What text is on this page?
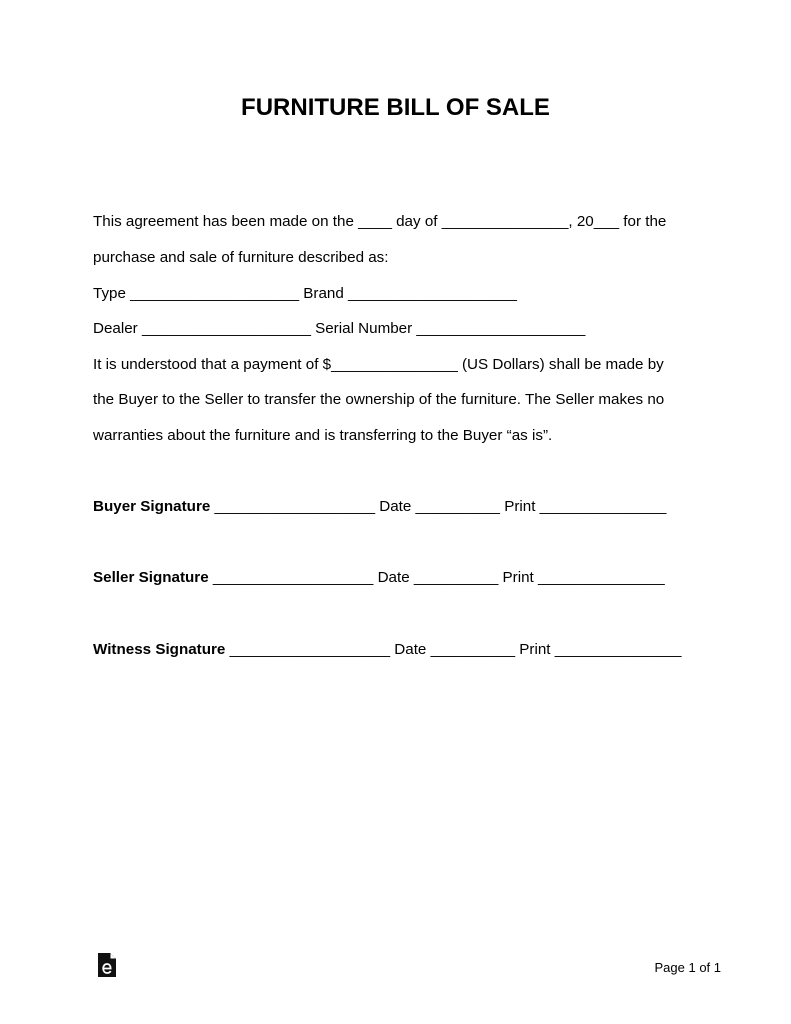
FURNITURE BILL OF SALE

This agreement has been made on the ____ day of _______________, 20___ for the

purchase and sale of furniture described as:

Type ____________________ Brand ____________________

Dealer ____________________ Serial Number ____________________

It is understood that a payment of $_______________ (US Dollars) shall be made by

the Buyer to the Seller to transfer the ownership of the furniture. The Seller makes no

warranties about the furniture and is transferring to the Buyer “as is”.

Buyer Signature ___________________ Date __________ Print _______________

Seller Signature ___________________ Date __________ Print _______________

Witness Signature ___________________ Date __________ Print _______________

Page 1 of 1
